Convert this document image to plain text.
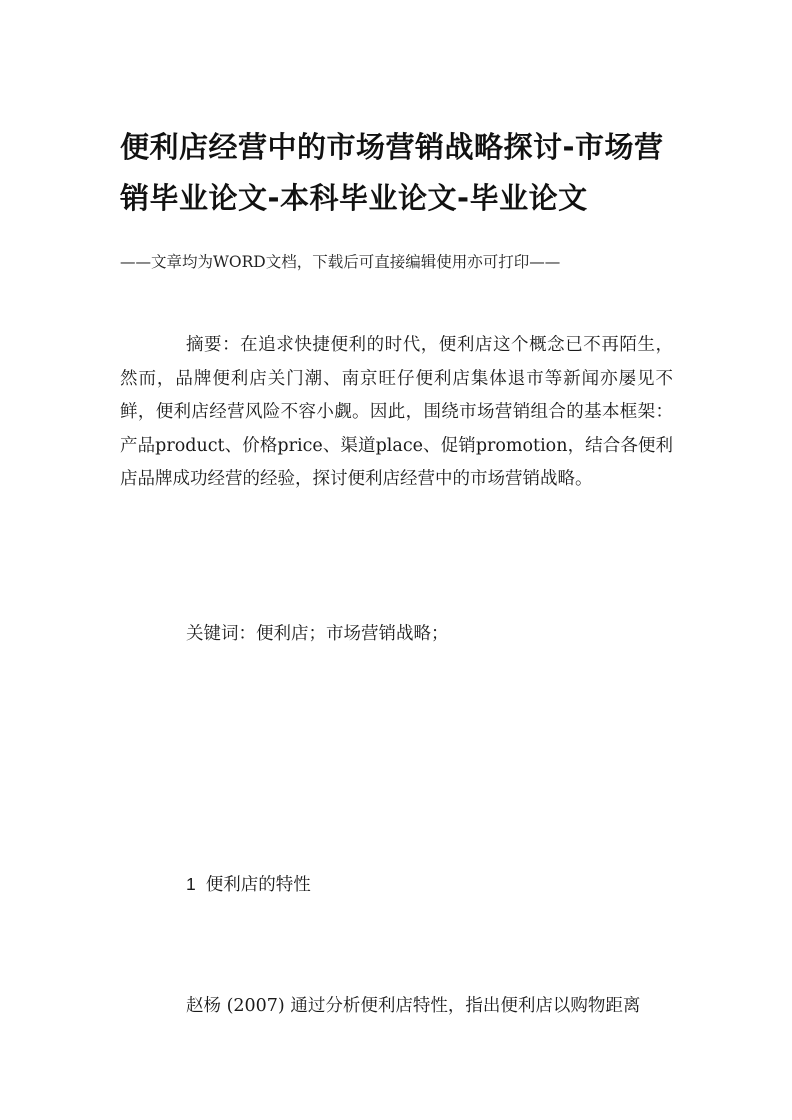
便利店经营中的市场营销战略探讨-市场营销毕业论文-本科毕业论文-毕业论文

——文章均为WORD文档，下载后可直接编辑使用亦可打印——

摘要：在追求快捷便利的时代，便利店这个概念已不再陌生，然而，品牌便利店关门潮、南京旺仔便利店集体退市等新闻亦屡见不鲜，便利店经营风险不容小觑。因此，围绕市场营销组合的基本框架：产品product、价格price、渠道place、促销promotion，结合各便利店品牌成功经营的经验，探讨便利店经营中的市场营销战略。

关键词：便利店；市场营销战略；

1 便利店的特性

赵杨 (2007) 通过分析便利店特性，指出便利店以购物距离
